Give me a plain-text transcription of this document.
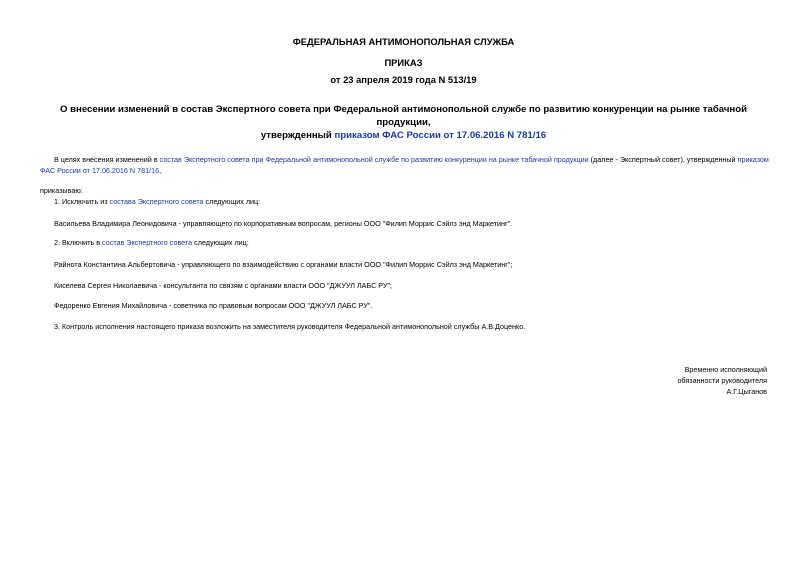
ФЕДЕРАЛЬНАЯ АНТИМОНОПОЛЬНАЯ СЛУЖБА
ПРИКАЗ
от 23 апреля 2019 года N 513/19
О внесении изменений в состав Экспертного совета при Федеральной антимонопольной службе по развитию конкуренции на рынке табачной продукции,
утвержденный приказом ФАС России от 17.06.2016 N 781/16
В целях внесения изменений в состав Экспертного совета при Федеральной антимонопольной службе по развитию конкуренции на рынке табачной продукции (далее - Экспертный совет), утвержденный приказом
ФАС России от 17.06.2016 N 781/16,
приказываю:
1. Исключить из состава Экспертного совета следующих лиц:
Васильева Владимира Леонидовича - управляющего по корпоративным вопросам, регионы ООО "Филип Моррис Сэйлз энд Маркетинг".
2. Включить в состав Экспертного совета следующих лиц:
Райнота Константина Альбертовича - управляющего по взаимодействию с органами власти ООО "Филип Моррис Сэйлз энд Маркетинг";
Киселева Сергея Николаевича - консультанта по связям с органами власти ООО "ДЖУУЛ ЛАБС РУ";
Федоренко Евгения Михайловича - советника по правовым вопросам ООО "ДЖУУЛ ЛАБС РУ".
3. Контроль исполнения настоящего приказа возложить на заместителя руководителя Федеральной антимонопольной службы А.В.Доценко.
Временно исполняющий
обязанности руководителя
А.Г.Цыганов
